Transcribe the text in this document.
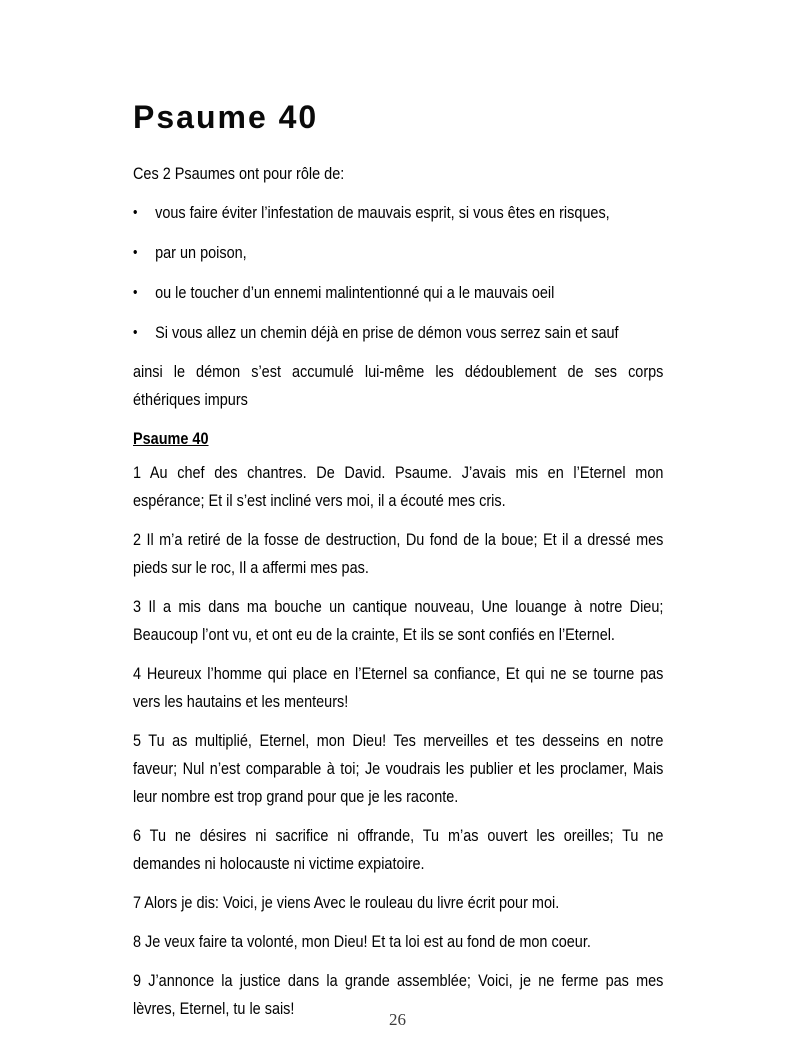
Psaume 40

Ces 2 Psaumes ont pour rôle de:

•	vous faire éviter l’infestation de mauvais esprit, si vous êtes en risques,
•	par un poison,
•	ou le toucher d’un ennemi malintentionné qui a le mauvais oeil
•	Si vous allez un chemin déjà en prise de démon vous serrez sain et sauf

ainsi le démon s’est accumulé lui-même les dédoublement de ses corps éthériques impurs

Psaume 40

1 Au chef des chantres. De David. Psaume. J’avais mis en l’Eternel mon espérance; Et il s’est incliné vers moi, il a écouté mes cris.

2 Il m’a retiré de la fosse de destruction, Du fond de la boue; Et il a dressé mes pieds sur le roc, Il a affermi mes pas.

3 Il a mis dans ma bouche un cantique nouveau, Une louange à notre Dieu; Beaucoup l’ont vu, et ont eu de la crainte, Et ils se sont confiés en l’Eternel.

4 Heureux l’homme qui place en l’Eternel sa confiance, Et qui ne se tourne pas vers les hautains et les menteurs!

5 Tu as multiplié, Eternel, mon Dieu! Tes merveilles et tes desseins en notre faveur; Nul n’est comparable à toi; Je voudrais les publier et les proclamer, Mais leur nombre est trop grand pour que je les raconte.

6 Tu ne désires ni sacrifice ni offrande, Tu m’as ouvert les oreilles; Tu ne demandes ni holocauste ni victime expiatoire.

7 Alors je dis: Voici, je viens Avec le rouleau du livre écrit pour moi.

8 Je veux faire ta volonté, mon Dieu! Et ta loi est au fond de mon coeur.

9 J’annonce la justice dans la grande assemblée; Voici, je ne ferme pas mes lèvres, Eternel, tu le sais!

26
